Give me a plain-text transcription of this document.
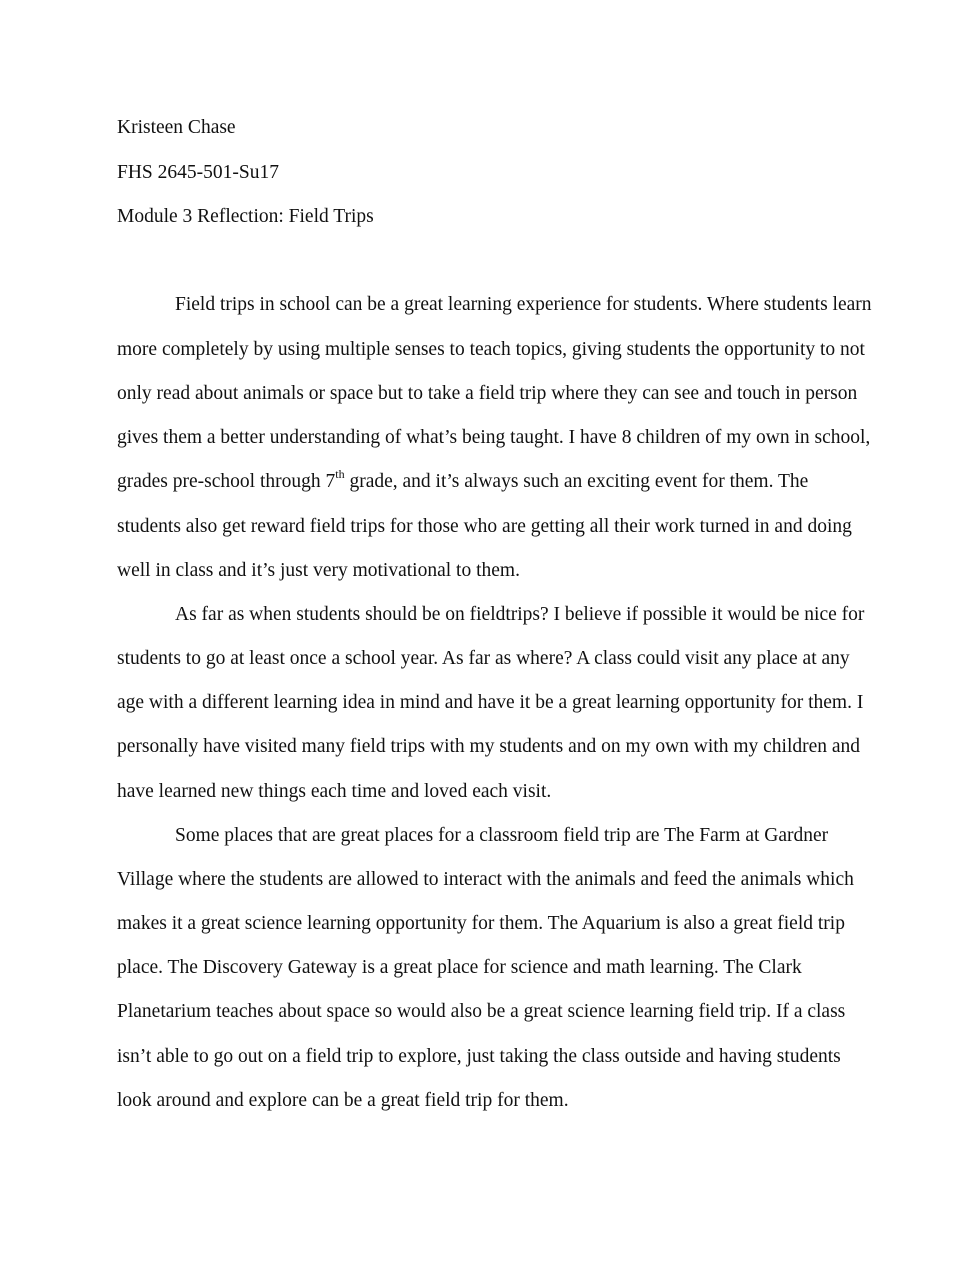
Kristeen Chase
FHS 2645-501-Su17
Module 3 Reflection: Field Trips
Field trips in school can be a great learning experience for students. Where students learn
more completely by using multiple senses to teach topics, giving students the opportunity to not
only read about animals or space but to take a field trip where they can see and touch in person
gives them a better understanding of what’s being taught. I have 8 children of my own in school,
grades pre-school through 7th grade, and it’s always such an exciting event for them. The
students also get reward field trips for those who are getting all their work turned in and doing
well in class and it’s just very motivational to them.
As far as when students should be on fieldtrips? I believe if possible it would be nice for
students to go at least once a school year. As far as where? A class could visit any place at any
age with a different learning idea in mind and have it be a great learning opportunity for them. I
personally have visited many field trips with my students and on my own with my children and
have learned new things each time and loved each visit.
Some places that are great places for a classroom field trip are The Farm at Gardner
Village where the students are allowed to interact with the animals and feed the animals which
makes it a great science learning opportunity for them. The Aquarium is also a great field trip
place. The Discovery Gateway is a great place for science and math learning. The Clark
Planetarium teaches about space so would also be a great science learning field trip. If a class
isn’t able to go out on a field trip to explore, just taking the class outside and having students
look around and explore can be a great field trip for them.
